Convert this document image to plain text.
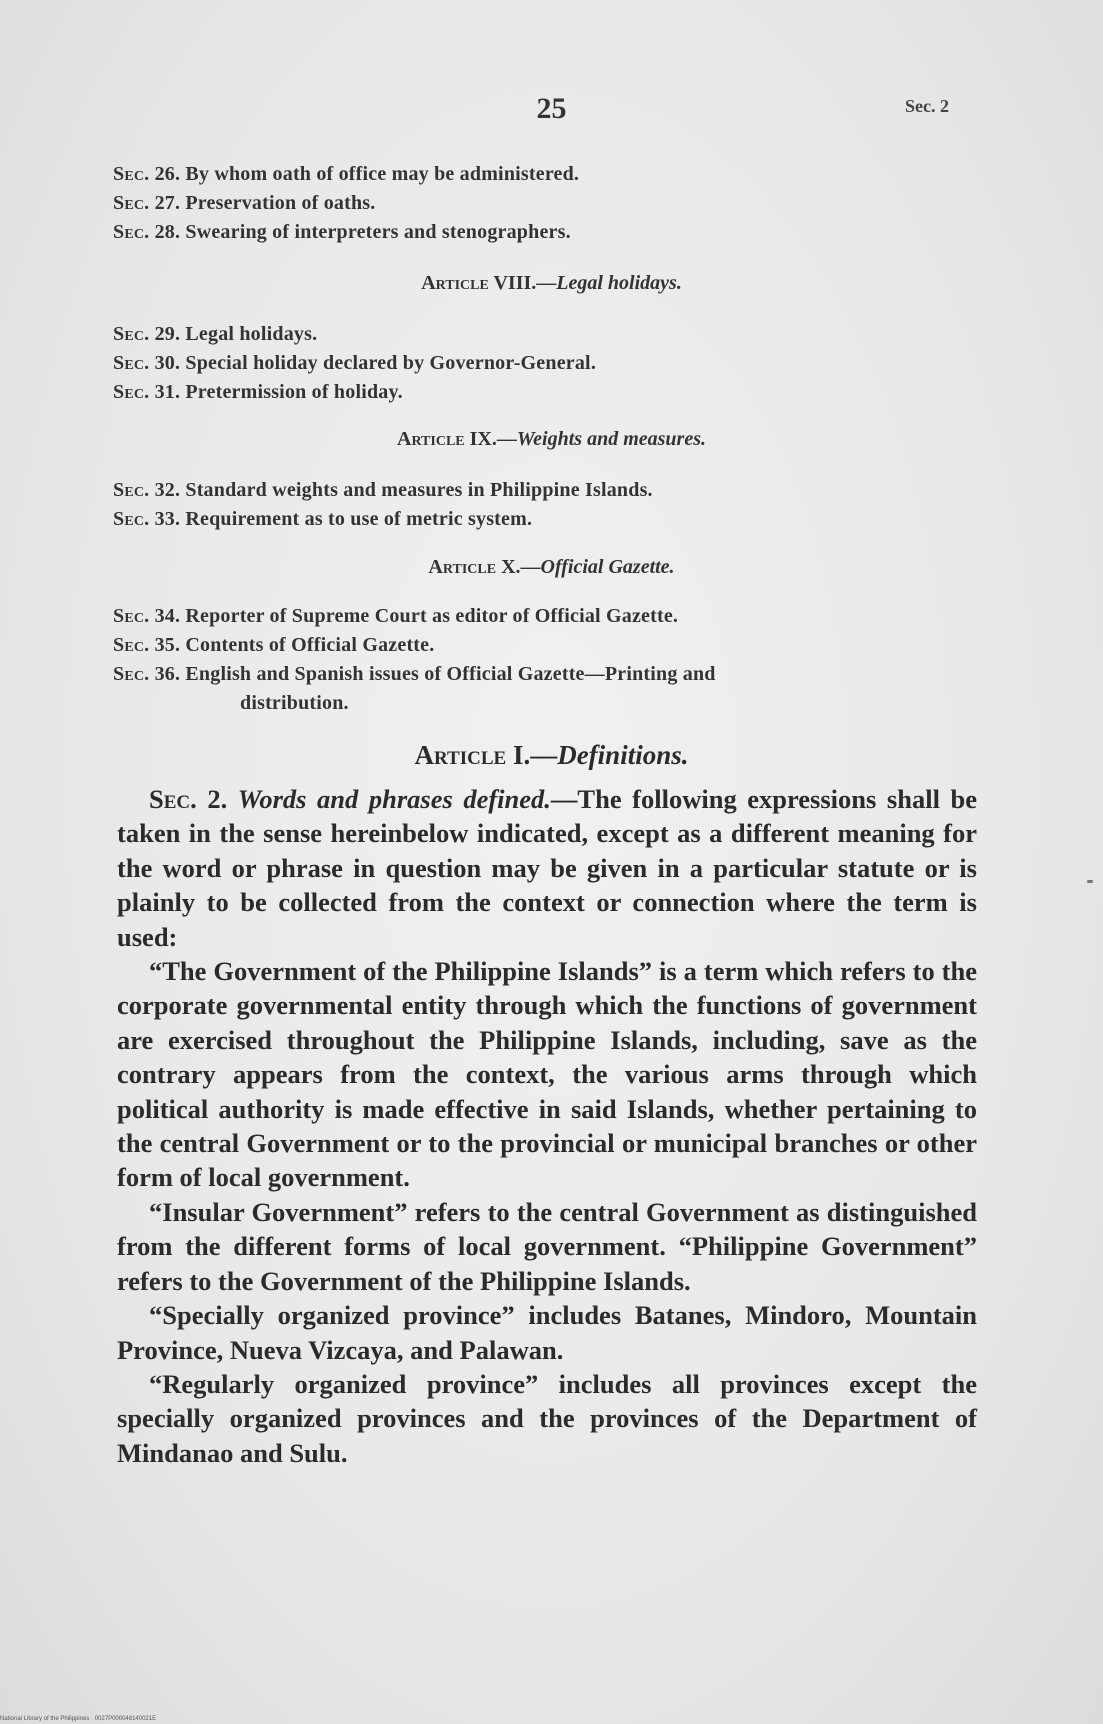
25	Sec. 2
Sec. 26. By whom oath of office may be administered.
Sec. 27. Preservation of oaths.
Sec. 28. Swearing of interpreters and stenographers.
Article VIII.—Legal holidays.
Sec. 29. Legal holidays.
Sec. 30. Special holiday declared by Governor-General.
Sec. 31. Pretermission of holiday.
Article IX.—Weights and measures.
Sec. 32. Standard weights and measures in Philippine Islands.
Sec. 33. Requirement as to use of metric system.
Article X.—Official Gazette.
Sec. 34. Reporter of Supreme Court as editor of Official Gazette.
Sec. 35. Contents of Official Gazette.
Sec. 36. English and Spanish issues of Official Gazette—Printing and
distribution.
Article I.—Definitions.

Sec. 2. Words and phrases defined.—The following expressions shall be taken in the sense hereinbelow indicated, except as a different meaning for the word or phrase in question may be given in a particular statute or is plainly to be collected from the context or connection where the term is used:

“The Government of the Philippine Islands” is a term which refers to the corporate governmental entity through which the functions of government are exercised throughout the Philippine Islands, including, save as the contrary appears from the context, the various arms through which political authority is made effective in said Islands, whether pertaining to the central Government or to the provincial or municipal branches or other form of local government.

“Insular Government” refers to the central Government as distinguished from the different forms of local government. “Philippine Government” refers to the Government of the Philippine Islands.

“Specially organized province” includes Batanes, Mindoro, Mountain Province, Nueva Vizcaya, and Palawan.

“Regularly organized province” includes all provinces except the specially organized provinces and the provinces of the Department of Mindanao and Sulu.

National Library of the Philippines · 0027P000048140021E
